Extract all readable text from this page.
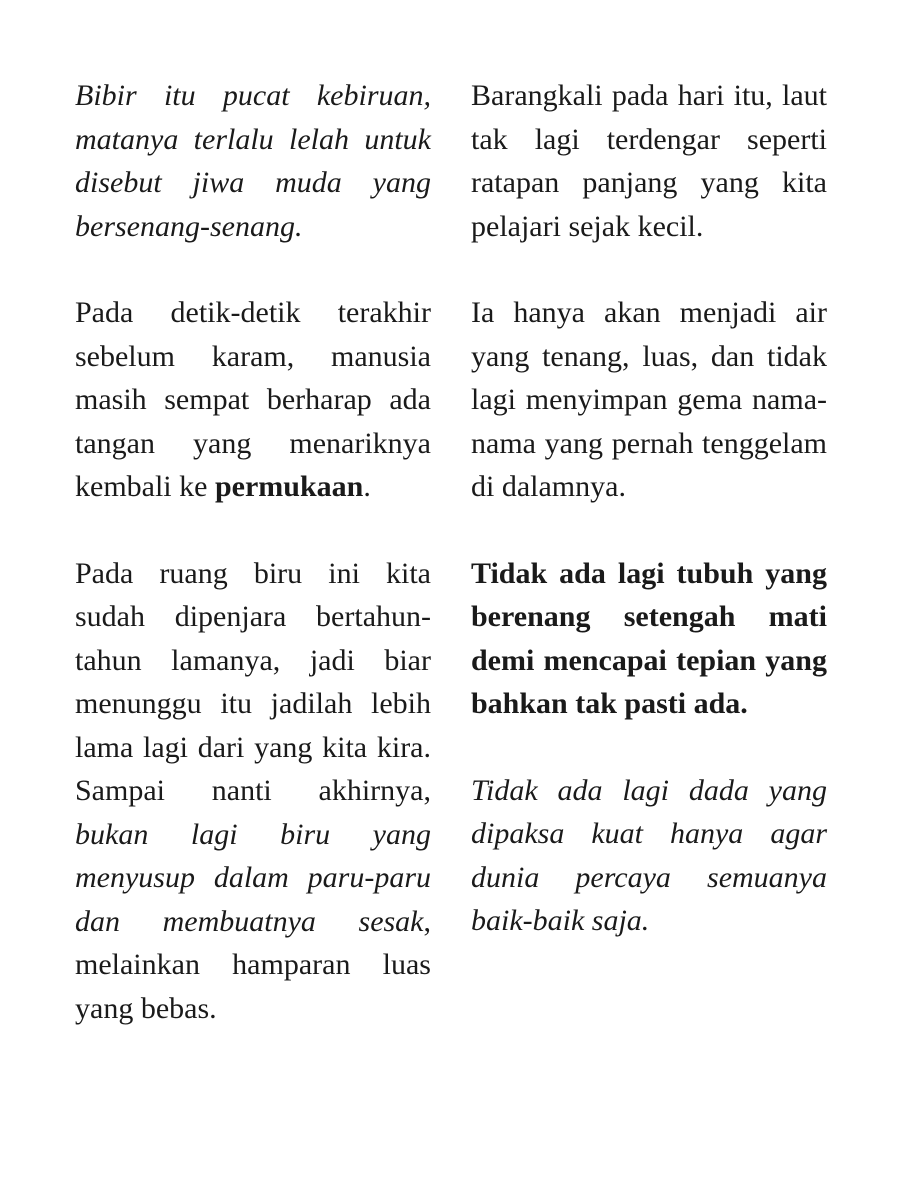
Bibir itu pucat kebiruan, matanya terlalu lelah untuk disebut jiwa muda yang bersenang-senang.

Pada detik-detik terakhir sebelum karam, manusia masih sempat berharap ada tangan yang menariknya kembali ke permukaan.

Pada ruang biru ini kita sudah dipenjara bertahun-tahun lamanya, jadi biar menunggu itu jadilah lebih lama lagi dari yang kita kira. Sampai nanti akhirnya, bukan lagi biru yang menyusup dalam paru-paru dan membuatnya sesak, melainkan hamparan luas yang bebas.

Barangkali pada hari itu, laut tak lagi terdengar seperti ratapan panjang yang kita pelajari sejak kecil.

Ia hanya akan menjadi air yang tenang, luas, dan tidak lagi menyimpan gema nama-nama yang pernah tenggelam di dalamnya.

Tidak ada lagi tubuh yang berenang setengah mati demi mencapai tepian yang bahkan tak pasti ada.

Tidak ada lagi dada yang dipaksa kuat hanya agar dunia percaya semuanya baik-baik saja.
